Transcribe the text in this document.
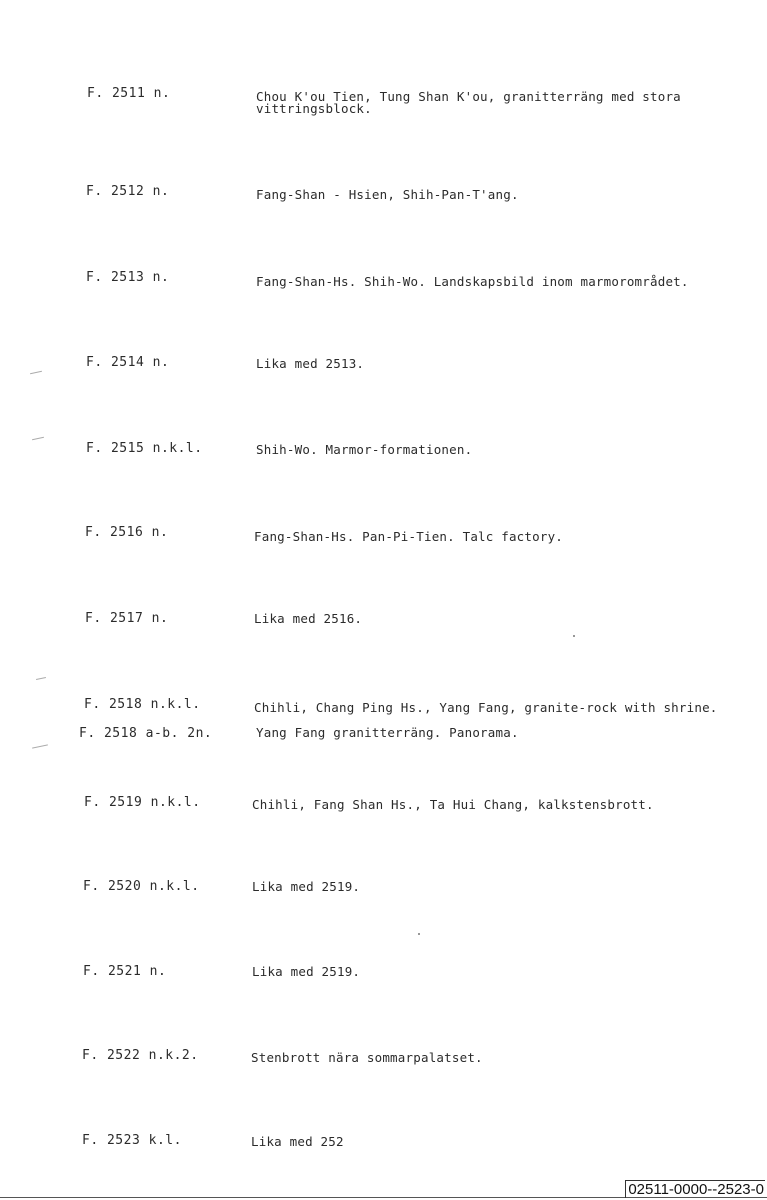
F. 2511 n.	Chou K'ou Tien, Tung Shan K'ou, granitterräng med stora vittringsblock.
F. 2512 n.	Fang-Shan - Hsien, Shih-Pan-T'ang.
F. 2513 n.	Fang-Shan-Hs. Shih-Wo. Landskapsbild inom marmorområdet.
F. 2514 n.	Lika med 2513.
F. 2515 n.k.l.	Shih-Wo. Marmor-formationen.
F. 2516 n.	Fang-Shan-Hs. Pan-Pi-Tien. Talc factory.
F. 2517 n.	Lika med 2516.
F. 2518 n.k.l.	Chihli, Chang Ping Hs., Yang Fang, granite-rock with shrine.
F. 2518 a-b. 2n.	Yang Fang granitterräng. Panorama.
F. 2519 n.k.l.	Chihli, Fang Shan Hs., Ta Hui Chang, kalkstensbrott.
F. 2520 n.k.l.	Lika med 2519.
F. 2521 n.	Lika med 2519.
F. 2522 n.k.2.	Stenbrott nära sommarpalatset.
F. 2523 k.l.	Lika med 252
02511-0000--2523-0
